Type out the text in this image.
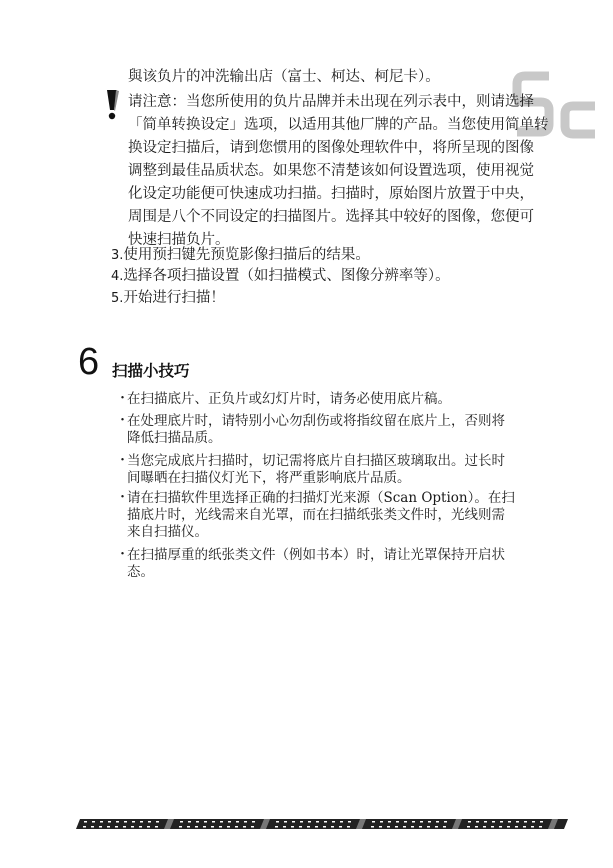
與该负片的冲洗输出店（富士、柯达、柯尼卡）。
请注意：当您所使用的负片品牌并未出现在列示表中，则请选择
「简单转换设定」选项，以适用其他厂牌的产品。当您使用简单转
换设定扫描后，请到您惯用的图像处理软件中，将所呈现的图像
调整到最佳品质状态。如果您不清楚该如何设置选项，使用视觉
化设定功能便可快速成功扫描。扫描时，原始图片放置于中央，
周围是八个不同设定的扫描图片。选择其中较好的图像，您便可
快速扫描负片。
3.使用预扫键先预览影像扫描后的结果。
4.选择各项扫描设置（如扫描模式、图像分辨率等）。
5.开始进行扫描！
6 扫描小技巧
・
在扫描底片、正负片或幻灯片时，请务必使用底片稿。
・
在处理底片时，请特别小心勿刮伤或将指纹留在底片上，否则将
降低扫描品质。
・
当您完成底片扫描时，切记需将底片自扫描区玻璃取出。过长时
间曝晒在扫描仪灯光下，将严重影响底片品质。
・
请在扫描软件里选择正确的扫描灯光来源（Scan Option）。在扫
描底片时，光线需来自光罩，而在扫描纸张类文件时，光线则需
来自扫描仪。
・
在扫描厚重的纸张类文件（例如书本）时，请让光罩保持开启状
态。
